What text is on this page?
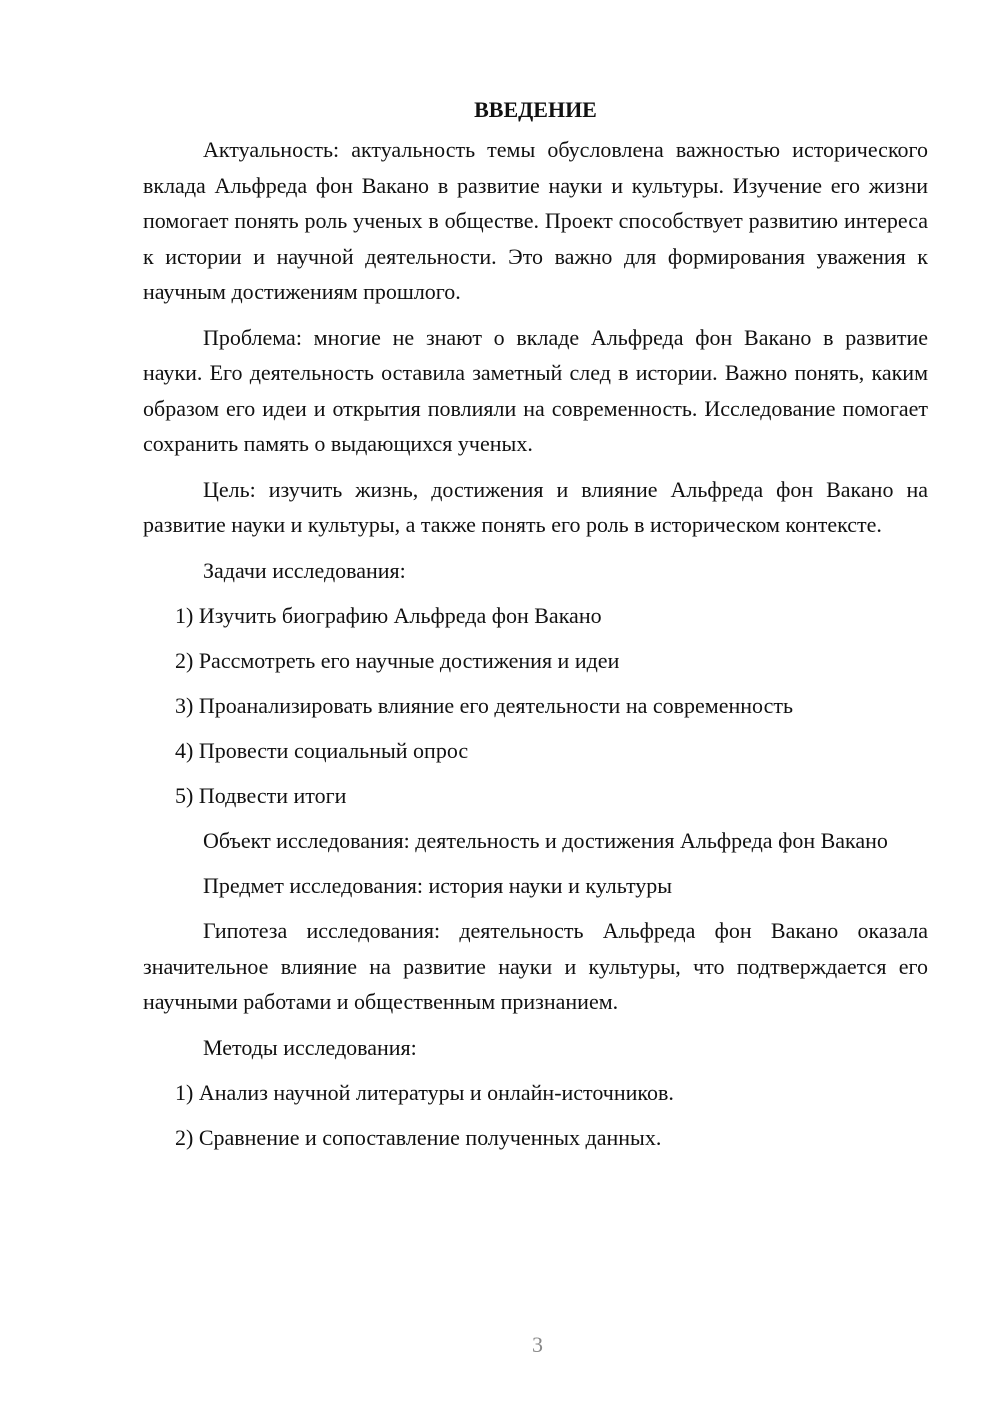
ВВЕДЕНИЕ

Актуальность: актуальность темы обусловлена важностью исторического вклада Альфреда фон Вакано в развитие науки и культуры. Изучение его жизни помогает понять роль ученых в обществе. Проект способствует развитию интереса к истории и научной деятельности. Это важно для формирования уважения к научным достижениям прошлого.

Проблема: многие не знают о вкладе Альфреда фон Вакано в развитие науки. Его деятельность оставила заметный след в истории. Важно понять, каким образом его идеи и открытия повлияли на современность. Исследование помогает сохранить память о выдающихся ученых.

Цель: изучить жизнь, достижения и влияние Альфреда фон Вакано на развитие науки и культуры, а также понять его роль в историческом контексте.

Задачи исследования:

1) Изучить биографию Альфреда фон Вакано
2) Рассмотреть его научные достижения и идеи
3) Проанализировать влияние его деятельности на современность
4) Провести социальный опрос
5) Подвести итоги

Объект исследования: деятельность и достижения Альфреда фон Вакано

Предмет исследования: история науки и культуры

Гипотеза исследования: деятельность Альфреда фон Вакано оказала значительное влияние на развитие науки и культуры, что подтверждается его научными работами и общественным признанием.

Методы исследования:

1) Анализ научной литературы и онлайн-источников.
2) Сравнение и сопоставление полученных данных.
3
